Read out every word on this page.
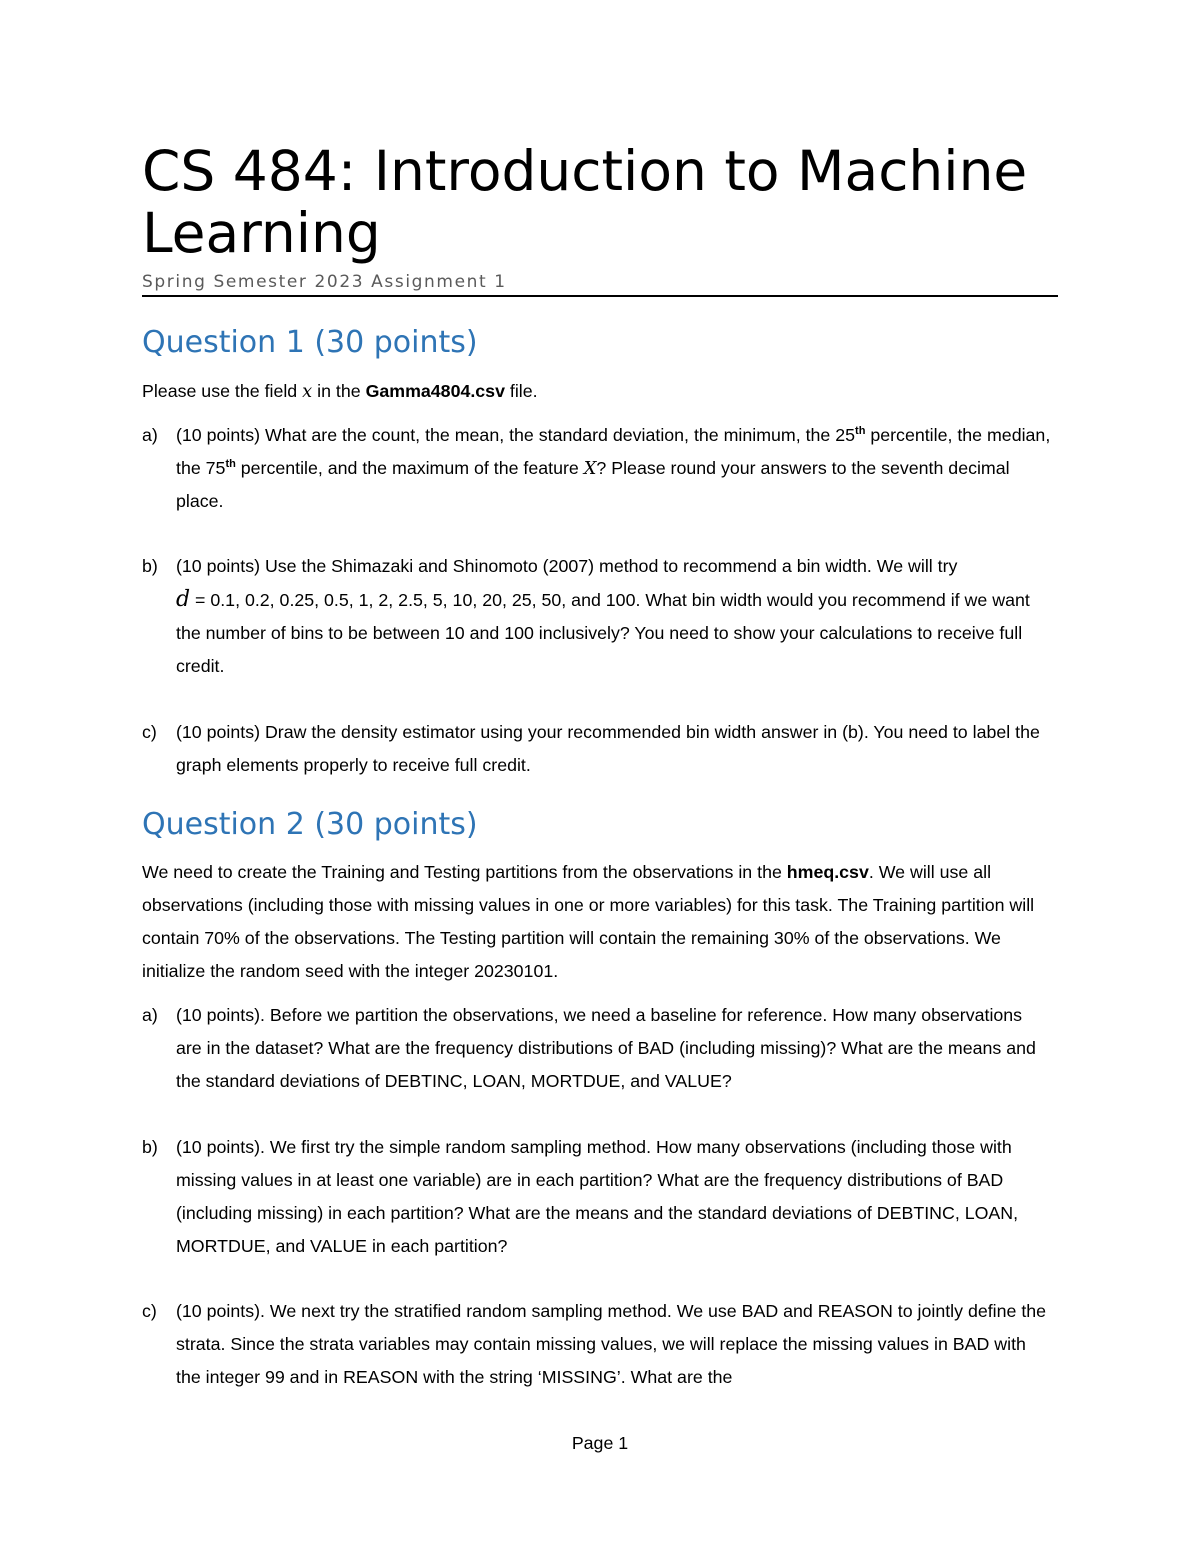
CS 484: Introduction to Machine Learning
Spring Semester 2023 Assignment 1
Question 1 (30 points)

Please use the field x in the Gamma4804.csv file.

a)	(10 points) What are the count, the mean, the standard deviation, the minimum, the 25th percentile, the median, the 75th percentile, and the maximum of the feature X? Please round your answers to the seventh decimal place.
b)	(10 points) Use the Shimazaki and Shinomoto (2007) method to recommend a bin width. We will try
d = 0.1, 0.2, 0.25, 0.5, 1, 2, 2.5, 5, 10, 20, 25, 50, and 100. What bin width would you recommend if we want the number of bins to be between 10 and 100 inclusively? You need to show your calculations to receive full credit.
c)	(10 points) Draw the density estimator using your recommended bin width answer in (b). You need to label the graph elements properly to receive full credit.
Question 2 (30 points)

We need to create the Training and Testing partitions from the observations in the hmeq.csv. We will use all observations (including those with missing values in one or more variables) for this task. The Training partition will contain 70% of the observations. The Testing partition will contain the remaining 30% of the observations. We initialize the random seed with the integer 20230101.

a)	(10 points). Before we partition the observations, we need a baseline for reference. How many observations are in the dataset? What are the frequency distributions of BAD (including missing)? What are the means and the standard deviations of DEBTINC, LOAN, MORTDUE, and VALUE?
b)	(10 points). We first try the simple random sampling method. How many observations (including those with missing values in at least one variable) are in each partition? What are the frequency distributions of BAD (including missing) in each partition? What are the means and the standard deviations of DEBTINC, LOAN, MORTDUE, and VALUE in each partition?
c)	(10 points). We next try the stratified random sampling method. We use BAD and REASON to jointly define the strata. Since the strata variables may contain missing values, we will replace the missing values in BAD with the integer 99 and in REASON with the string ‘MISSING’. What are the
Page 1
